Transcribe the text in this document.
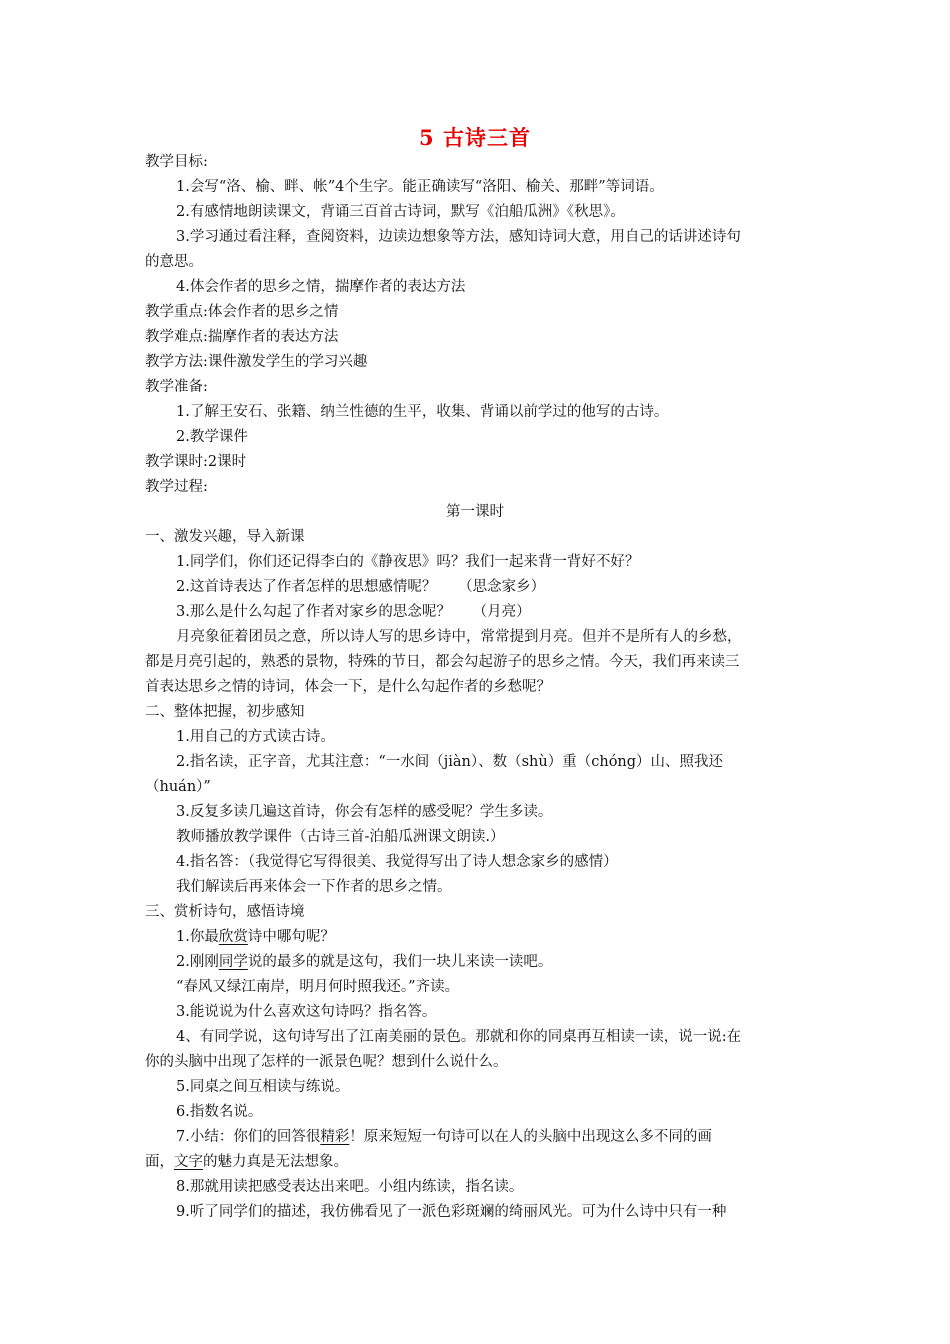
5 古诗三首
教学目标:
1.会写“洛、榆、畔、帐”4个生字。能正确读写“洛阳、榆关、那畔”等词语。
2.有感情地朗读课文，背诵三百首古诗词，默写《泊船瓜洲》《秋思》。
3.学习通过看注释，查阅资料，边读边想象等方法，感知诗词大意，用自己的话讲述诗句
的意思。
4.体会作者的思乡之情，揣摩作者的表达方法
教学重点:体会作者的思乡之情
教学难点:揣摩作者的表达方法
教学方法:课件激发学生的学习兴趣
教学准备:
1.了解王安石、张籍、纳兰性德的生平，收集、背诵以前学过的他写的古诗。
2.教学课件
教学课时:2课时
教学过程:
第一课时
一、激发兴趣，导入新课
1.同学们，你们还记得李白的《静夜思》吗？我们一起来背一背好不好？
2.这首诗表达了作者怎样的思想感情呢？　　（思念家乡）
3.那么是什么勾起了作者对家乡的思念呢？　　（月亮）
月亮象征着团员之意，所以诗人写的思乡诗中，常常提到月亮。但并不是所有人的乡愁，
都是月亮引起的，熟悉的景物，特殊的节日，都会勾起游子的思乡之情。今天，我们再来读三
首表达思乡之情的诗词，体会一下，是什么勾起作者的乡愁呢？
二、整体把握，初步感知
1.用自己的方式读古诗。
2.指名读，正字音，尤其注意：“一水间（jiàn）、数（shù）重（chóng）山、照我还
（huán）”
3.反复多读几遍这首诗，你会有怎样的感受呢？学生多读。
教师播放教学课件（古诗三首-泊船瓜洲课文朗读.）
4.指名答：（我觉得它写得很美、我觉得写出了诗人想念家乡的感情）
我们解读后再来体会一下作者的思乡之情。
三、赏析诗句，感悟诗境
1.你最欣赏诗中哪句呢？
2.刚刚同学说的最多的就是这句，我们一块儿来读一读吧。
“春风又绿江南岸，明月何时照我还。”齐读。
3.能说说为什么喜欢这句诗吗？指名答。
4、有同学说，这句诗写出了江南美丽的景色。那就和你的同桌再互相读一读，说一说:在
你的头脑中出现了怎样的一派景色呢？想到什么说什么。
5.同桌之间互相读与练说。
6.指数名说。
7.小结：你们的回答很精彩！原来短短一句诗可以在人的头脑中出现这么多不同的画
面，文字的魅力真是无法想象。
8.那就用读把感受表达出来吧。小组内练读，指名读。
9.听了同学们的描述，我仿佛看见了一派色彩斑斓的绮丽风光。可为什么诗中只有一种
